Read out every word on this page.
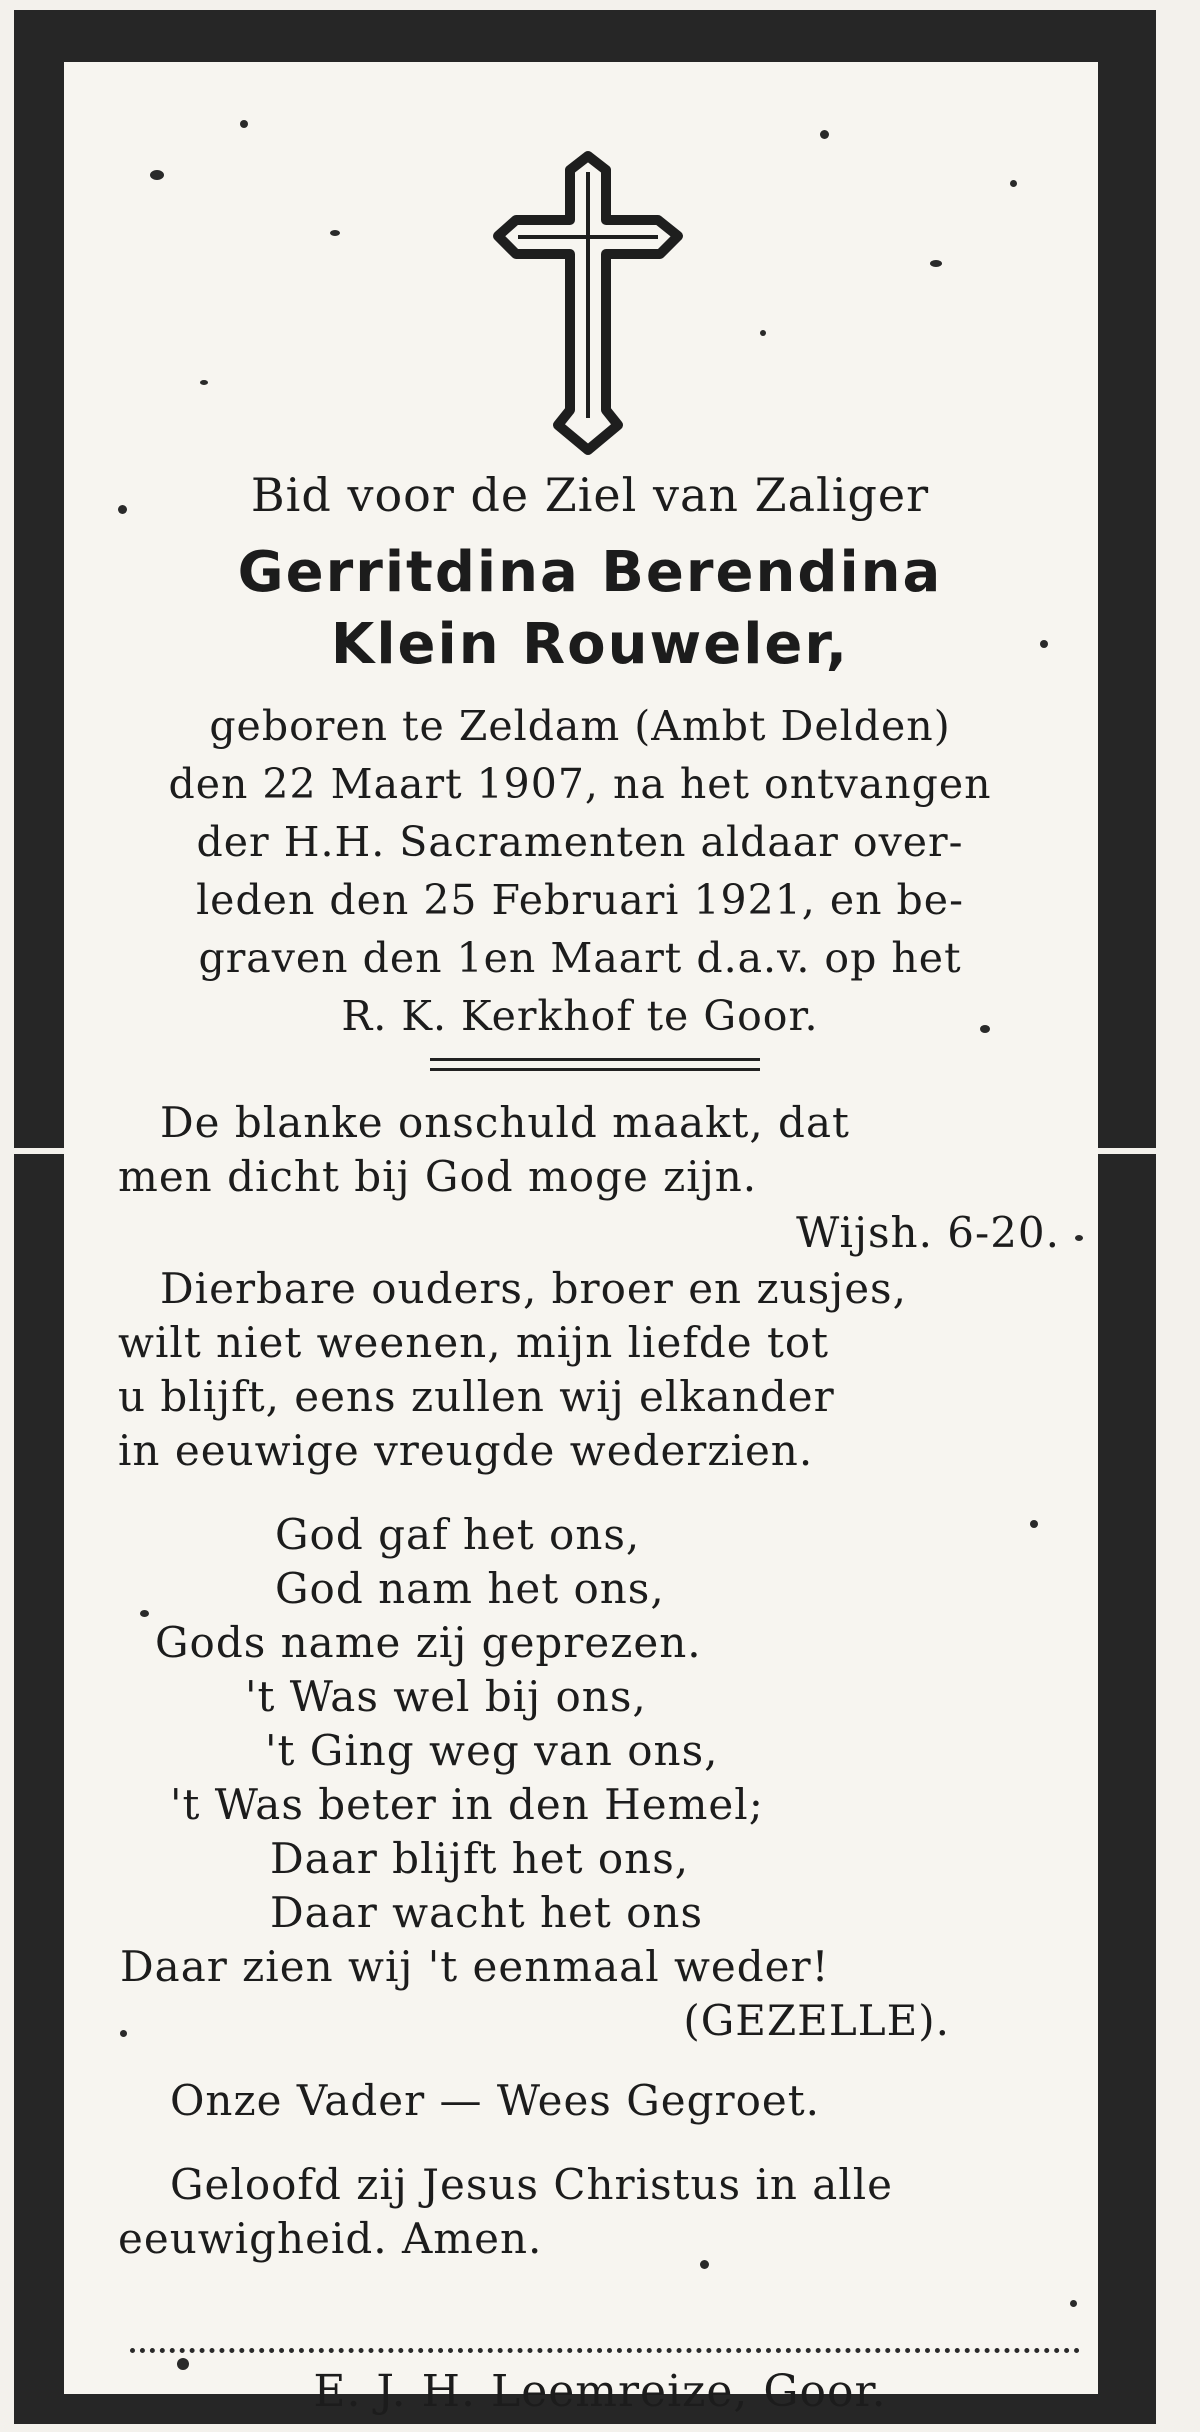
Bid voor de Ziel van Zaliger
Gerritdina Berendina
Klein Rouweler,
geboren te Zeldam (Ambt Delden)
den 22 Maart 1907, na het ontvangen
der H.H. Sacramenten aldaar over-
leden den 25 Februari 1921, en be-
graven den 1en Maart d.a.v. op het
R. K. Kerkhof te Goor.
De blanke onschuld maakt, dat
men dicht bij God moge zijn.
Wijsh. 6-20.
Dierbare ouders, broer en zusjes,
wilt niet weenen, mijn liefde tot
u blijft, eens zullen wij elkander
in eeuwige vreugde wederzien.
God gaf het ons,
God nam het ons,
Gods name zij geprezen.
't Was wel bij ons,
't Ging weg van ons,
't Was beter in den Hemel;
Daar blijft het ons,
Daar wacht het ons
Daar zien wij 't eenmaal weder!
(GEZELLE).
Onze Vader — Wees Gegroet.
Geloofd zij Jesus Christus in alle
eeuwigheid. Amen.
E. J. H. Leemreize, Goor.
